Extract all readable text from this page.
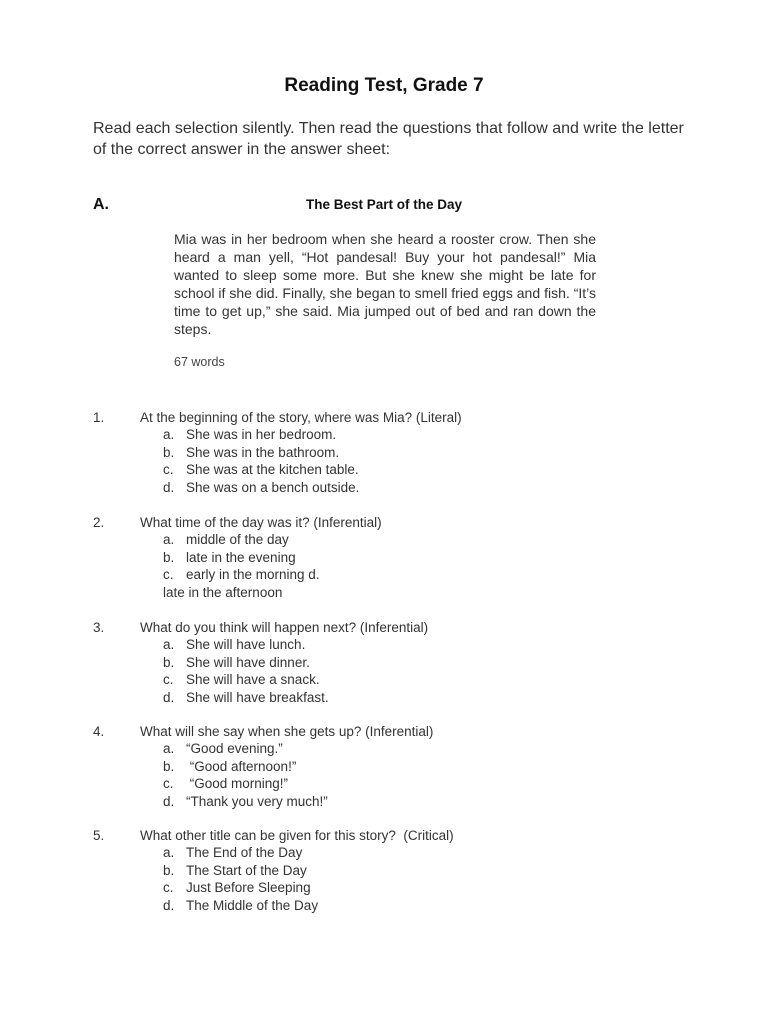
Reading Test, Grade 7
Read each selection silently. Then read the questions that follow and write the letter of the correct answer in the answer sheet:
A.	The Best Part of the Day
Mia was in her bedroom when she heard a rooster crow. Then she heard a man yell, “Hot pandesal! Buy your hot pandesal!” Mia wanted to sleep some more. But she knew she might be late for school if she did. Finally, she began to smell fried eggs and fish. “It’s time to get up,” she said. Mia jumped out of bed and ran down the steps.
67 words
1.	At the beginning of the story, where was Mia? (Literal)
a. She was in her bedroom.
b. She was in the bathroom.
c. She was at the kitchen table.
d. She was on a bench outside.
2.	What time of the day was it? (Inferential)
a. middle of the day
b. late in the evening
c. early in the morning d.
late in the afternoon
3.	What do you think will happen next? (Inferential)
a. She will have lunch.
b. She will have dinner.
c. She will have a snack.
d. She will have breakfast.
4.	What will she say when she gets up? (Inferential)
a. “Good evening.”
b. “Good afternoon!”
c. “Good morning!”
d. “Thank you very much!”
5.	What other title can be given for this story?  (Critical)
a. The End of the Day
b. The Start of the Day
c. Just Before Sleeping
d. The Middle of the Day
